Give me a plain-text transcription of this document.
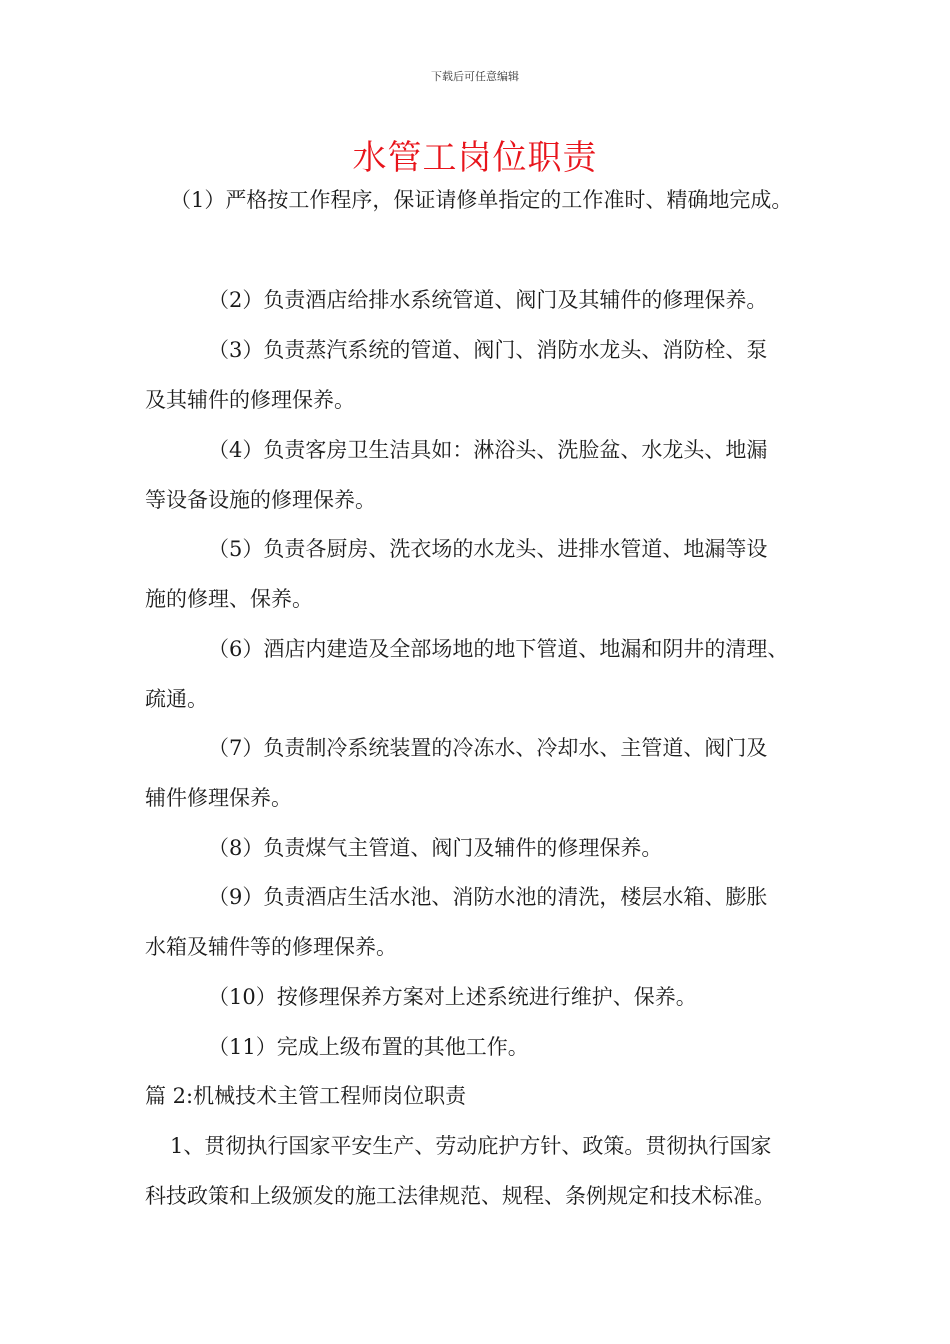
下载后可任意编辑
水管工岗位职责
（1）严格按工作程序，保证请修单指定的工作准时、精确地完成。
（2）负责酒店给排水系统管道、阀门及其辅件的修理保养。
（3）负责蒸汽系统的管道、阀门、消防水龙头、消防栓、泵
及其辅件的修理保养。
（4）负责客房卫生洁具如：淋浴头、洗脸盆、水龙头、地漏
等设备设施的修理保养。
（5）负责各厨房、洗衣场的水龙头、进排水管道、地漏等设
施的修理、保养。
（6）酒店内建造及全部场地的地下管道、地漏和阴井的清理、
疏通。
（7）负责制冷系统装置的冷冻水、冷却水、主管道、阀门及
辅件修理保养。
（8）负责煤气主管道、阀门及辅件的修理保养。
（9）负责酒店生活水池、消防水池的清洗，楼层水箱、膨胀
水箱及辅件等的修理保养。
（10）按修理保养方案对上述系统进行维护、保养。
（11）完成上级布置的其他工作。
篇 2:机械技术主管工程师岗位职责
1、贯彻执行国家平安生产、劳动庇护方针、政策。贯彻执行国家
科技政策和上级颁发的施工法律规范、规程、条例规定和技术标准。
